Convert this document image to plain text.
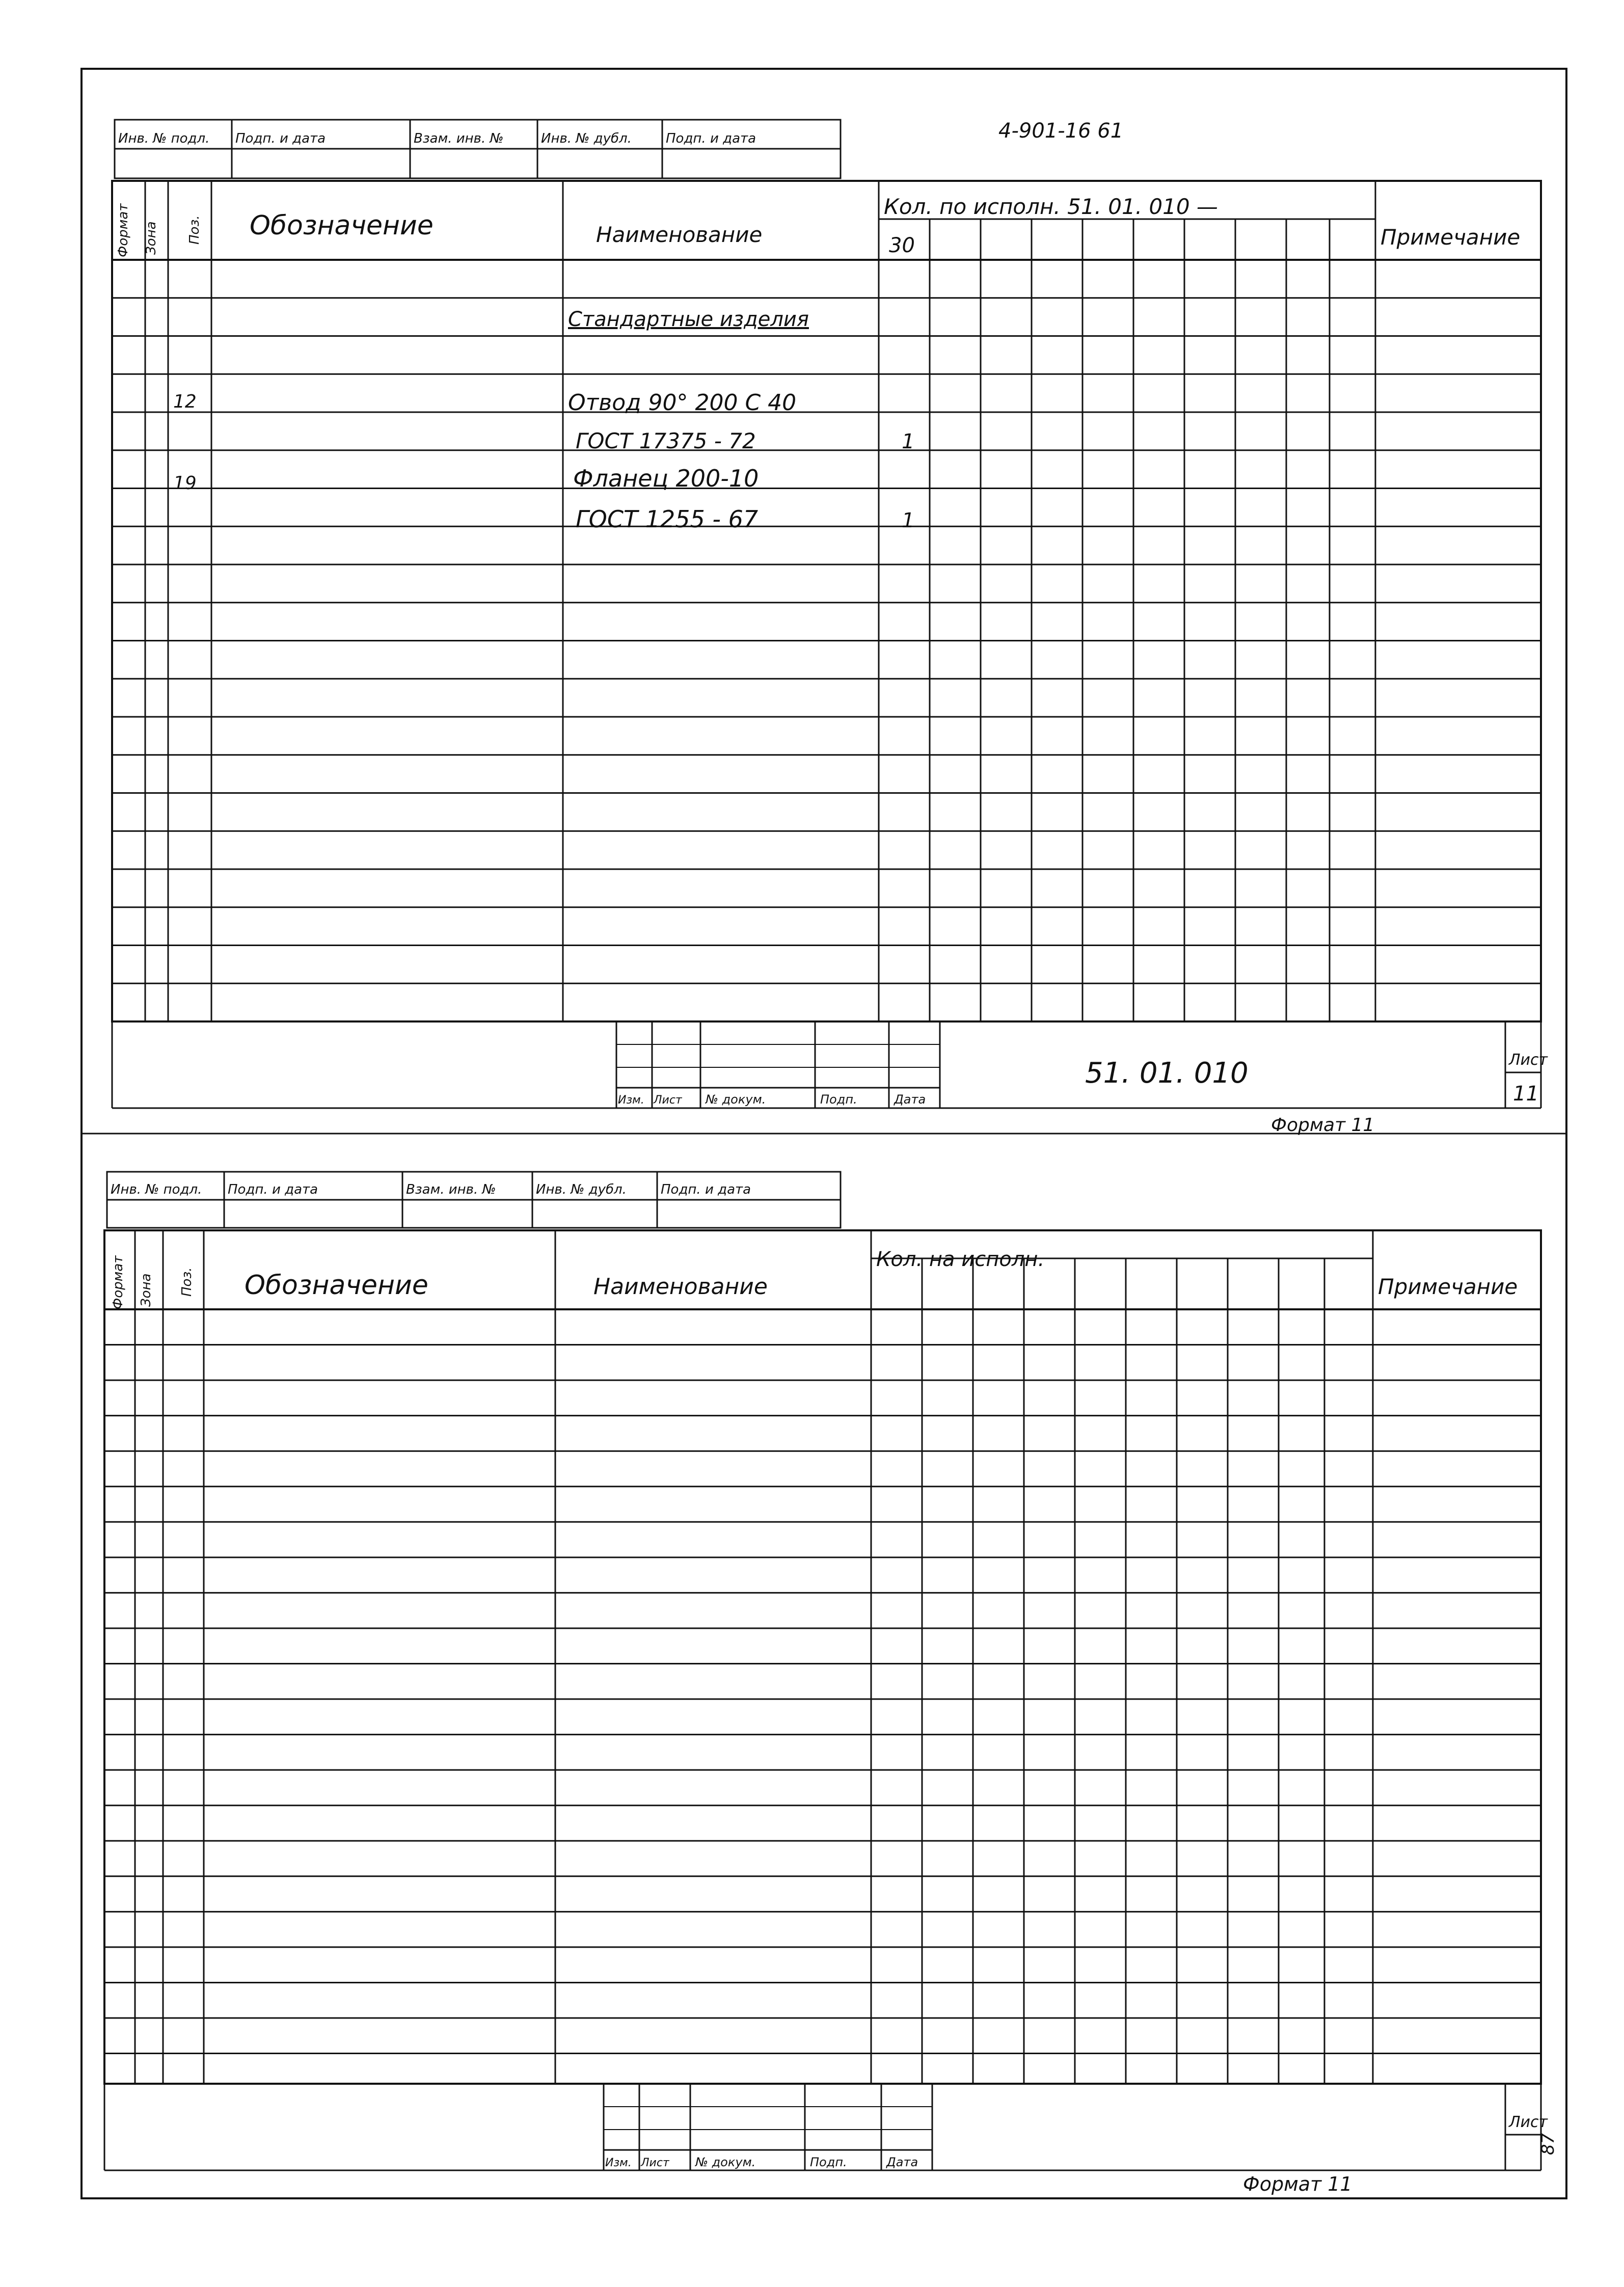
4-901-16 61
Инв. № подл. Подп. и дата	Взам. инв. №	Инв. № дубл.	Подп. и дата
Формат Зона Поз. Обозначение	Наименование
Кол. по исполн. 51. 01. 010 —
30	Примечание
Стандартные изделия
12	Отвод 90° 200 С 40
ГОСТ 17375 - 72	1
19	Фланец 200-10
ГОСТ 1255 - 67	1
Изм. Лист № докум.	Подп.	Дата
51. 01. 010	Лист
11
Формат 11
Инв. № подл. Подп. и дата	Взам. инв. №	Инв. № дубл.	Подп. и дата
Формат Зона Поз. Обозначение	Наименование
Кол. на исполн.
Примечание
Изм. Лист № докум.	Подп.	Дата
Лист
Формат 11
87
